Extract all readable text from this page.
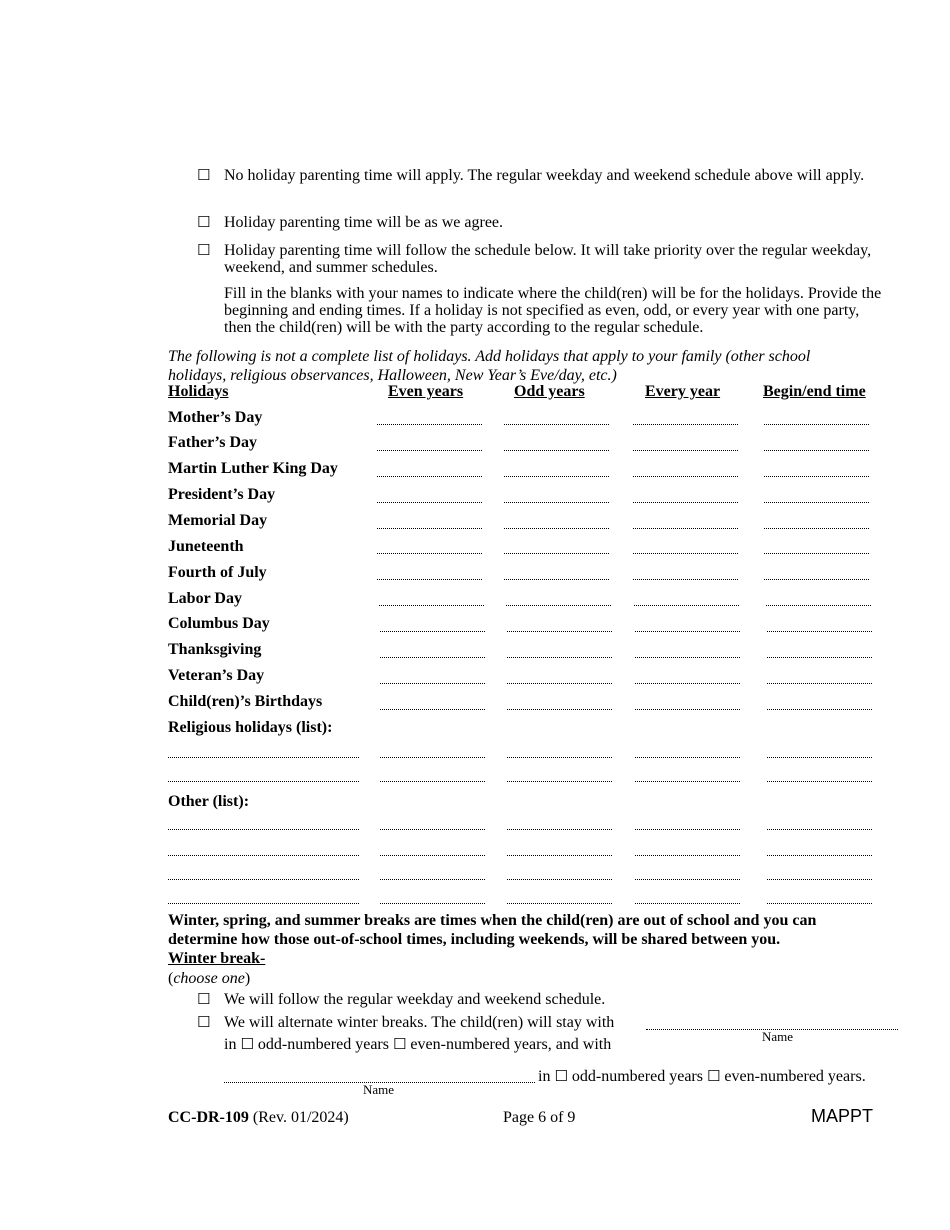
☐ No holiday parenting time will apply. The regular weekday and weekend schedule above will apply.
☐ Holiday parenting time will be as we agree.
☐ Holiday parenting time will follow the schedule below. It will take priority over the regular weekday, weekend, and summer schedules.
Fill in the blanks with your names to indicate where the child(ren) will be for the holidays. Provide the beginning and ending times. If a holiday is not specified as even, odd, or every year with one party, then the child(ren) will be with the party according to the regular schedule.
The following is not a complete list of holidays. Add holidays that apply to your family (other school holidays, religious observances, Halloween, New Year’s Eve/day, etc.)
Holidays	Even years	Odd years	Every year	Begin/end time
Mother’s Day
Father’s Day
Martin Luther King Day
President’s Day
Memorial Day
Juneteenth
Fourth of July
Labor Day
Columbus Day
Thanksgiving
Veteran’s Day
Child(ren)’s Birthdays
Religious holidays (list):
Other (list):
Winter, spring, and summer breaks are times when the child(ren) are out of school and you can determine how those out-of-school times, including weekends, will be shared between you.
Winter break-
(choose one)
☐ We will follow the regular weekday and weekend schedule.
☐ We will alternate winter breaks. The child(ren) will stay with
Name
in ☐ odd-numbered years ☐ even-numbered years, and with
Name
in ☐ odd-numbered years ☐ even-numbered years.
CC-DR-109 (Rev. 01/2024)	Page 6 of 9	MAPPT
